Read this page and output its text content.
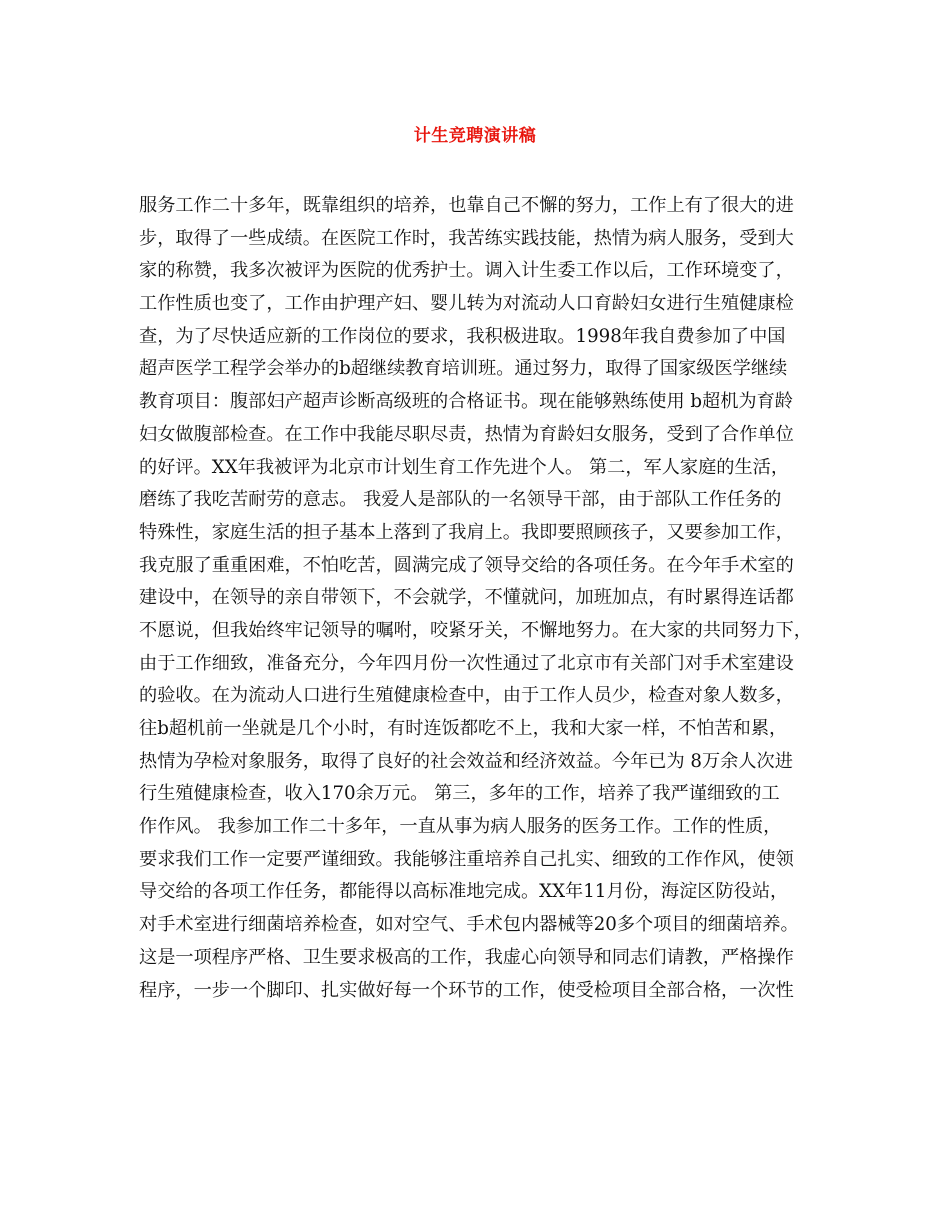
计生竞聘演讲稿
服务工作二十多年，既靠组织的培养，也靠自己不懈的努力，工作上有了很大的进
步，取得了一些成绩。在医院工作时，我苦练实践技能，热情为病人服务，受到大
家的称赞，我多次被评为医院的优秀护士。调入计生委工作以后，工作环境变了，
工作性质也变了，工作由护理产妇、婴儿转为对流动人口育龄妇女进行生殖健康检
查，为了尽快适应新的工作岗位的要求，我积极进取。1998年我自费参加了中国
超声医学工程学会举办的b超继续教育培训班。通过努力，取得了国家级医学继续
教育项目：腹部妇产超声诊断高级班的合格证书。现在能够熟练使用 b超机为育龄
妇女做腹部检查。在工作中我能尽职尽责，热情为育龄妇女服务，受到了合作单位
的好评。XX年我被评为北京市计划生育工作先进个人。 第二，军人家庭的生活，
磨练了我吃苦耐劳的意志。 我爱人是部队的一名领导干部，由于部队工作任务的
特殊性，家庭生活的担子基本上落到了我肩上。我即要照顾孩子，又要参加工作，
我克服了重重困难，不怕吃苦，圆满完成了领导交给的各项任务。在今年手术室的
建设中，在领导的亲自带领下，不会就学，不懂就问，加班加点，有时累得连话都
不愿说，但我始终牢记领导的嘱咐，咬紧牙关，不懈地努力。在大家的共同努力下，
由于工作细致，准备充分，今年四月份一次性通过了北京市有关部门对手术室建设
的验收。在为流动人口进行生殖健康检查中，由于工作人员少，检查对象人数多，
往b超机前一坐就是几个小时，有时连饭都吃不上，我和大家一样，不怕苦和累，
热情为孕检对象服务，取得了良好的社会效益和经济效益。今年已为 8万余人次进
行生殖健康检查，收入170余万元。 第三，多年的工作，培养了我严谨细致的工
作作风。 我参加工作二十多年，一直从事为病人服务的医务工作。工作的性质，
要求我们工作一定要严谨细致。我能够注重培养自己扎实、细致的工作作风，使领
导交给的各项工作任务，都能得以高标准地完成。XX年11月份，海淀区防役站，
对手术室进行细菌培养检查，如对空气、手术包内器械等20多个项目的细菌培养。
这是一项程序严格、卫生要求极高的工作，我虚心向领导和同志们请教，严格操作
程序，一步一个脚印、扎实做好每一个环节的工作，使受检项目全部合格，一次性
